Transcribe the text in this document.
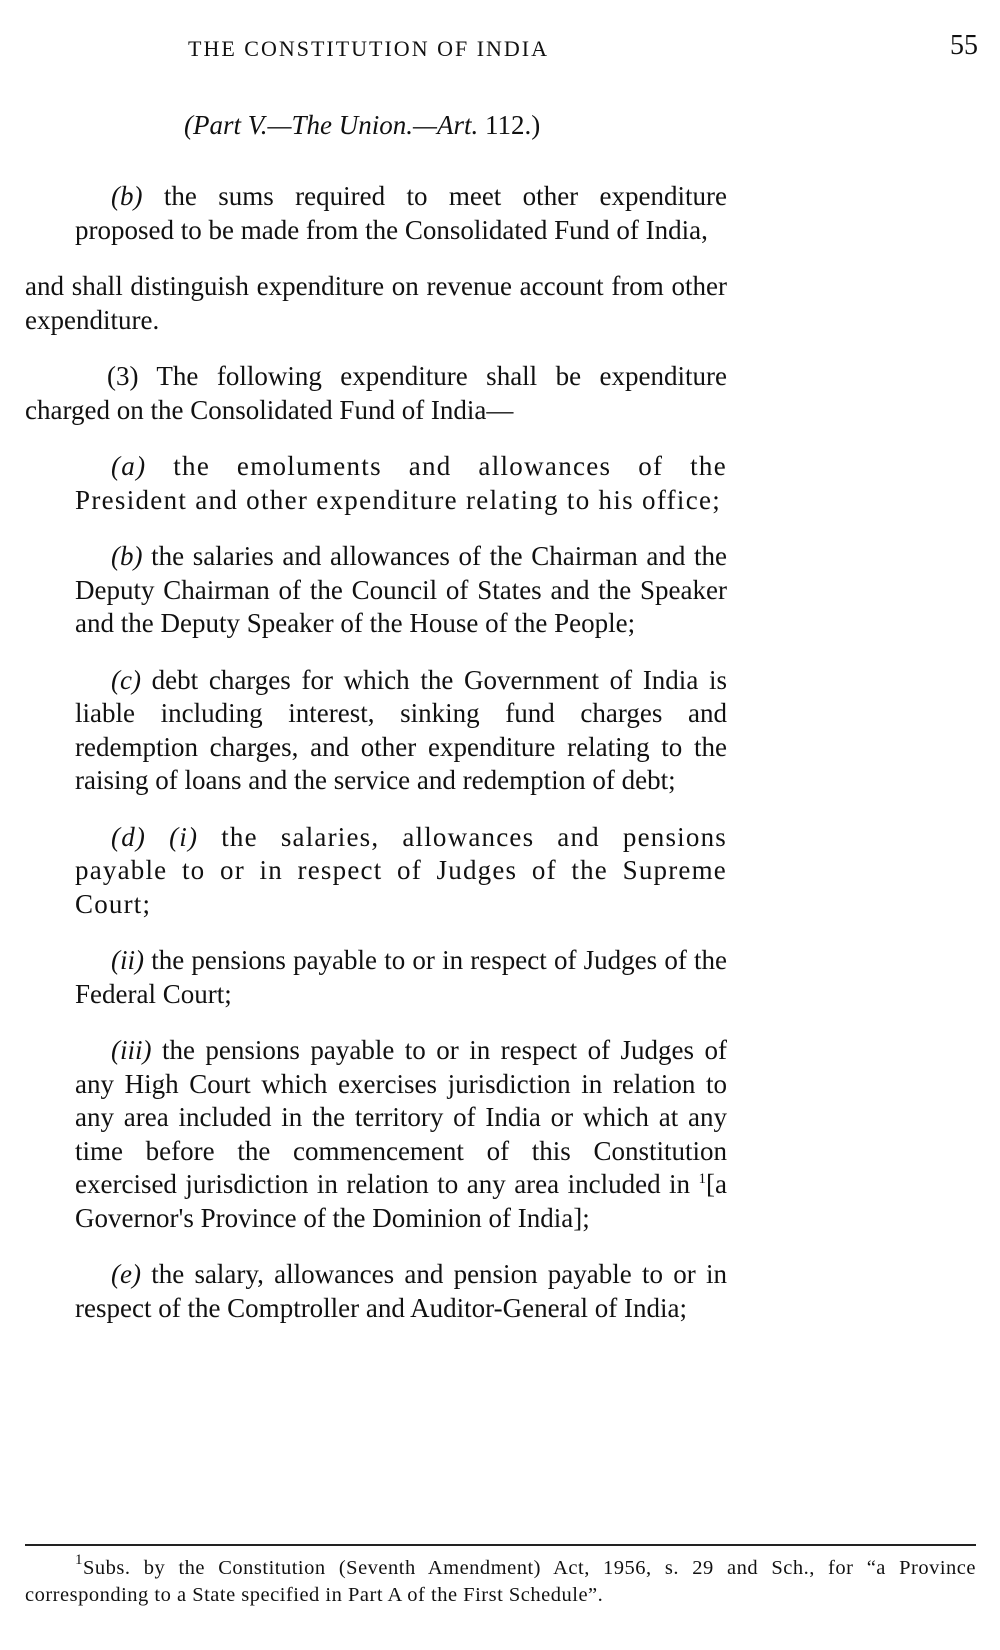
THE CONSTITUTION OF INDIA	55
(Part V.—The Union.—Art. 112.)

(b) the sums required to meet other expenditure proposed to be made from the Consolidated Fund of India,

and shall distinguish expenditure on revenue account from other expenditure.

(3) The following expenditure shall be expenditure charged on the Consolidated Fund of India—

(a) the emoluments and allowances of the President and other expenditure relating to his office;

(b) the salaries and allowances of the Chairman and the Deputy Chairman of the Council of States and the Speaker and the Deputy Speaker of the House of the People;

(c) debt charges for which the Government of India is liable including interest, sinking fund charges and redemption charges, and other expenditure relating to the raising of loans and the service and redemption of debt;

(d) (i) the salaries, allowances and pensions payable to or in respect of Judges of the Supreme Court;

(ii) the pensions payable to or in respect of Judges of the Federal Court;

(iii) the pensions payable to or in respect of Judges of any High Court which exercises jurisdiction in relation to any area included in the territory of India or which at any time before the commencement of this Constitution exercised jurisdiction in relation to any area included in $^1$[a Governor's Province of the Dominion of India];

(e) the salary, allowances and pension payable to or in respect of the Comptroller and Auditor-General of India;

$^1$Subs. by the Constitution (Seventh Amendment) Act, 1956, s. 29 and Sch., for “a Province corresponding to a State specified in Part A of the First Schedule”.
